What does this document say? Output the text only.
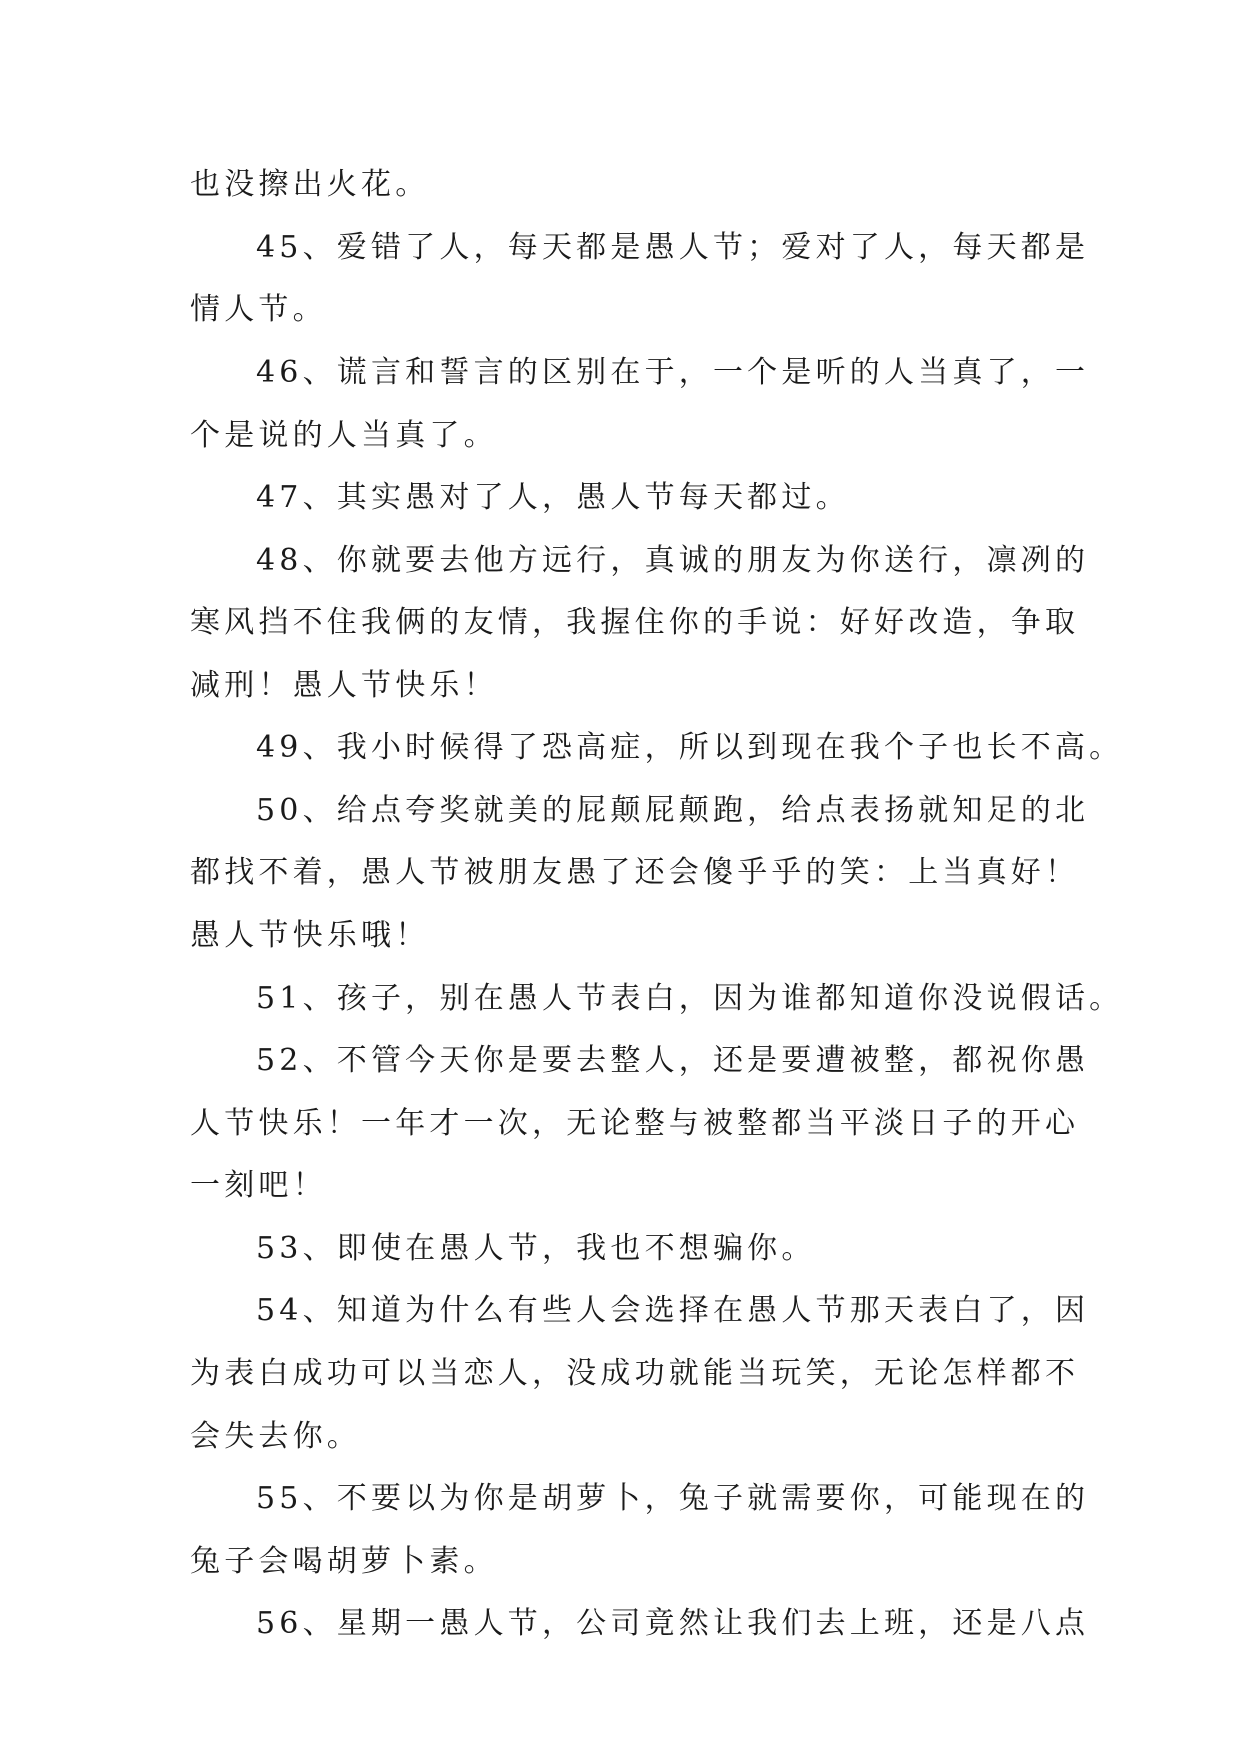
也没擦出火花。

45、爱错了人，每天都是愚人节；爱对了人，每天都是

情人节。

46、谎言和誓言的区别在于，一个是听的人当真了，一

个是说的人当真了。

47、其实愚对了人，愚人节每天都过。

48、你就要去他方远行，真诚的朋友为你送行，凛冽的

寒风挡不住我俩的友情，我握住你的手说：好好改造，争取

减刑！愚人节快乐！

49、我小时候得了恐高症，所以到现在我个子也长不高。

50、给点夸奖就美的屁颠屁颠跑，给点表扬就知足的北

都找不着，愚人节被朋友愚了还会傻乎乎的笑：上当真好！

愚人节快乐哦！

51、孩子，别在愚人节表白，因为谁都知道你没说假话。

52、不管今天你是要去整人，还是要遭被整，都祝你愚

人节快乐！一年才一次，无论整与被整都当平淡日子的开心

一刻吧！

53、即使在愚人节，我也不想骗你。

54、知道为什么有些人会选择在愚人节那天表白了，因

为表白成功可以当恋人，没成功就能当玩笑，无论怎样都不

会失去你。

55、不要以为你是胡萝卜，兔子就需要你，可能现在的

兔子会喝胡萝卜素。

56、星期一愚人节，公司竟然让我们去上班，还是八点
